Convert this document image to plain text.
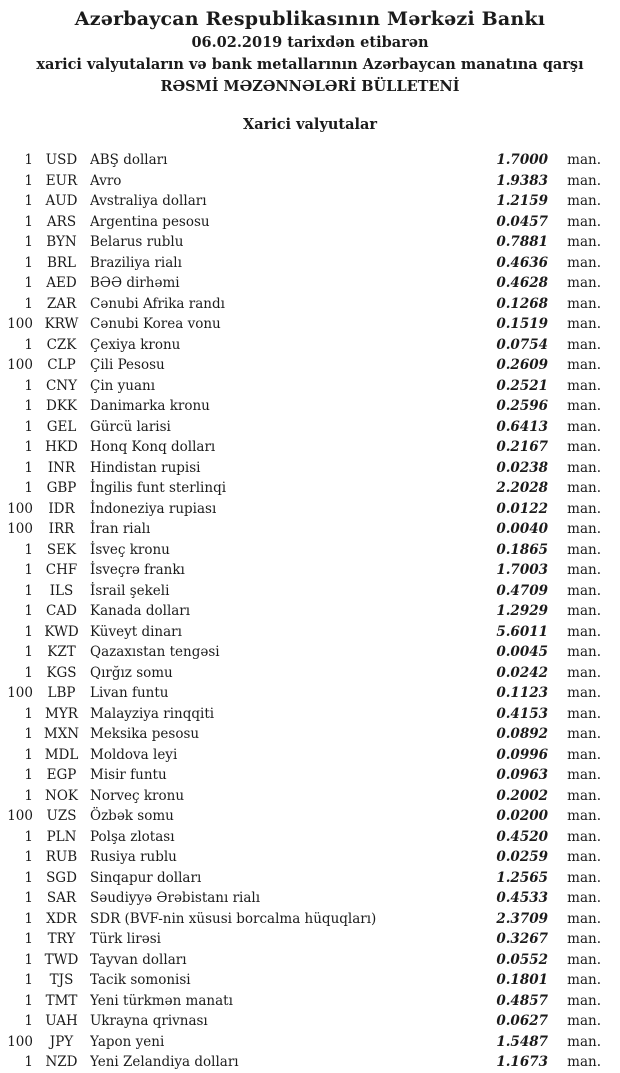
Azərbaycan Respublikasının Mərkəzi Bankı
06.02.2019 tarixdən etibarən
xarici valyutaların və bank metallarının Azərbaycan manatına qarşı
RƏSMİ MƏZƏNNƏLƏRİ BÜLLETENİ
Xarici valyutalar
1 USD ABŞ dolları	1.7000	man.
1 EUR Avro	1.9383	man.
1 AUD Avstraliya dolları	1.2159	man.
1	ARS	Argentina pesosu	0.0457	man.
1 BYN Belarus rublu	0.7881	man.
1	BRL	Braziliya rialı	0.4636	man.
1 AED BƏƏ dirhəmi	0.4628	man.
1	ZAR	Cənubi Afrika randı	0.1268	man.
100 KRW Cənubi Korea vonu	0.1519	man.
1	CZK	Çexiya kronu	0.0754	man.
100	CLP	Çili Pesosu	0.2609	man.
1 CNY Çin yuanı	0.2521	man.
1 DKK Danimarka kronu	0.2596	man.
1	GEL	Gürcü larisi	0.6413	man.
1 HKD Honq Konq dolları	0.2167	man.
1	INR	Hindistan rupisi	0.0238	man.
1	GBP	İngilis funt sterlinqi	2.2028	man.
100	IDR	İndoneziya rupiası	0.0122	man.
100	IRR	İran rialı	0.0040	man.
1	SEK	İsveç kronu	0.1865	man.
1 CHF İsveçrə frankı	1.7003	man.
1	ILS	İsrail şekeli	0.4709	man.
1 CAD Kanada dolları	1.2929	man.
1 KWD Küveyt dinarı	5.6011	man.
1	KZT	Qazaxıstan tengəsi	0.0045	man.
1 KGS Qırğız somu	0.0242	man.
100	LBP	Livan funtu	0.1123	man.
1 MYR Malayziya rinqqiti	0.4153	man.
1 MXN Meksika pesosu	0.0892	man.
1 MDL Moldova leyi	0.0996	man.
1	EGP	Misir funtu	0.0963	man.
1 NOK Norveç kronu	0.2002	man.
100 UZS	Özbək somu	0.0200	man.
1	PLN	Polşa zlotası	0.4520	man.
1 RUB Rusiya rublu	0.0259	man.
1 SGD Sinqapur dolları	1.2565	man.
1	SAR	Səudiyyə Ərəbistanı rialı	0.4533	man.
1 XDR SDR (BVF-nin xüsusi borcalma hüquqları)	2.3709	man.
1	TRY	Türk lirəsi	0.3267	man.
1 TWD Tayvan dolları	0.0552	man.
1	TJS	Tacik somonisi	0.1801	man.
1 TMT Yeni türkmən manatı	0.4857	man.
1 UAH Ukrayna qrivnası	0.0627	man.
100	JPY	Yapon yeni	1.5487	man.
1 NZD Yeni Zelandiya dolları	1.1673	man.
